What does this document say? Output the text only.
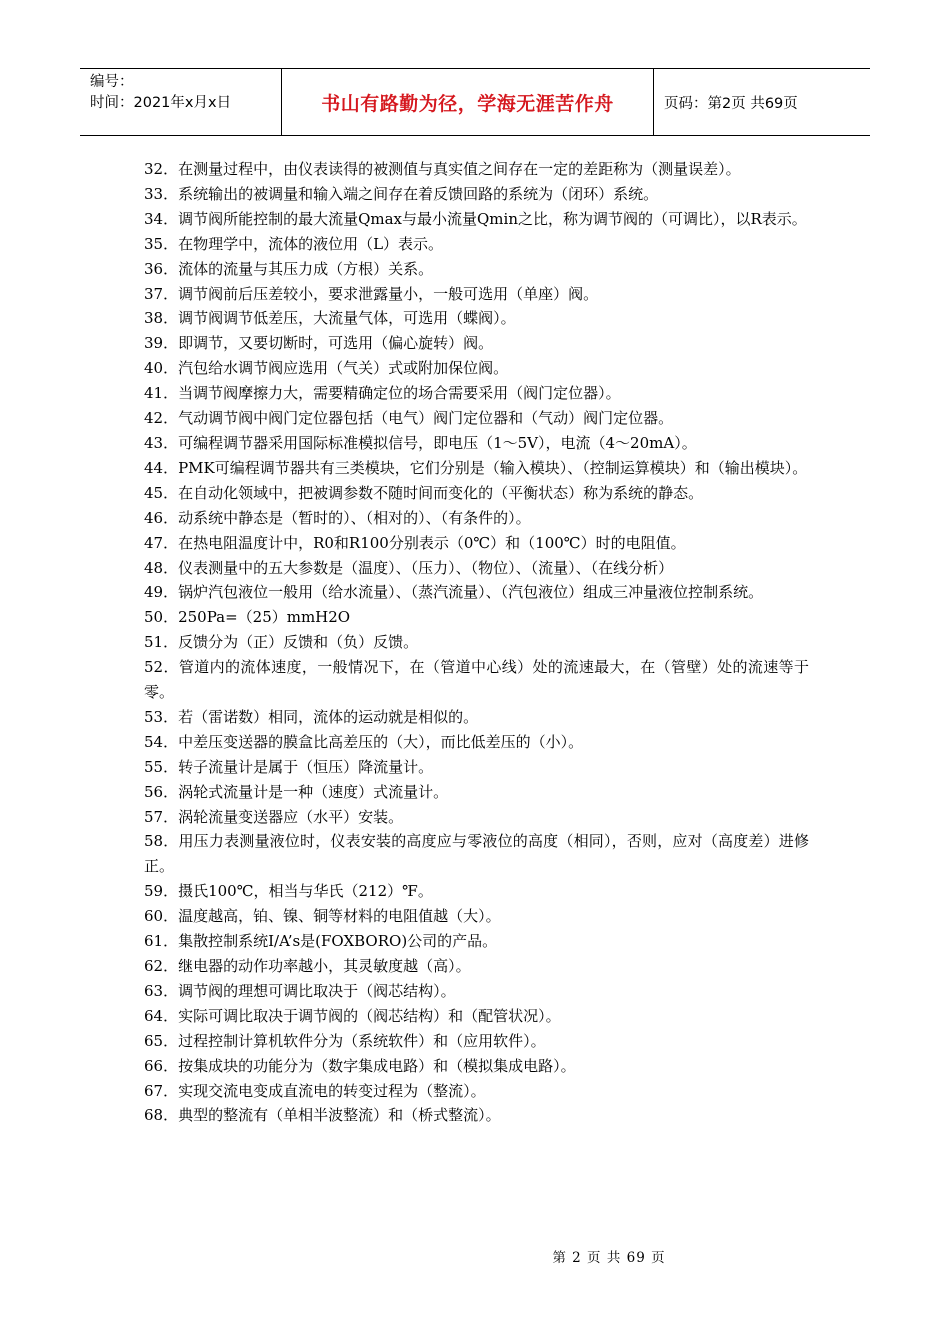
编号：
时间：2021年x月x日	书山有路勤为径，学海无涯苦作舟	页码：第2页 共69页

32．在测量过程中，由仪表读得的被测值与真实值之间存在一定的差距称为（测量误差）。

33．系统输出的被调量和输入端之间存在着反馈回路的系统为（闭环）系统。

34．调节阀所能控制的最大流量Qmax与最小流量Qmin之比，称为调节阀的（可调比），以R表示。

35．在物理学中，流体的液位用（L）表示。

36．流体的流量与其压力成（方根）关系。

37．调节阀前后压差较小，要求泄露量小，一般可选用（单座）阀。

38．调节阀调节低差压，大流量气体，可选用（蝶阀）。

39．即调节，又要切断时，可选用（偏心旋转）阀。

40．汽包给水调节阀应选用（气关）式或附加保位阀。

41．当调节阀摩擦力大，需要精确定位的场合需要采用（阀门定位器）。

42．气动调节阀中阀门定位器包括（电气）阀门定位器和（气动）阀门定位器。

43．可编程调节器采用国际标准模拟信号，即电压（1～5V），电流（4～20mA）。

44．PMK可编程调节器共有三类模块，它们分别是（输入模块）、（控制运算模块）和（输出模块）。

45．在自动化领域中，把被调参数不随时间而变化的（平衡状态）称为系统的静态。

46．动系统中静态是（暂时的）、（相对的）、（有条件的）。

47．在热电阻温度计中，R0和R100分别表示（0℃）和（100℃）时的电阻值。

48．仪表测量中的五大参数是（温度）、（压力）、（物位）、（流量）、（在线分析）

49．锅炉汽包液位一般用（给水流量）、（蒸汽流量）、（汽包液位）组成三冲量液位控制系统。

50．250Pa=（25）mmH2O

51．反馈分为（正）反馈和（负）反馈。

52．管道内的流体速度，一般情况下，在（管道中心线）处的流速最大，在（管壁）处的流速等于零。

53．若（雷诺数）相同，流体的运动就是相似的。

54．中差压变送器的膜盒比高差压的（大），而比低差压的（小）。

55．转子流量计是属于（恒压）降流量计。

56．涡轮式流量计是一种（速度）式流量计。

57．涡轮流量变送器应（水平）安装。

58．用压力表测量液位时，仪表安装的高度应与零液位的高度（相同），否则，应对（高度差）进修正。

59．摄氏100℃，相当与华氏（212）℉。

60．温度越高，铂、镍、铜等材料的电阻值越（大）。

61．集散控制系统I/A’s是(FOXBORO)公司的产品。

62．继电器的动作功率越小，其灵敏度越（高）。

63．调节阀的理想可调比取决于（阀芯结构）。

64．实际可调比取决于调节阀的（阀芯结构）和（配管状况）。

65．过程控制计算机软件分为（系统软件）和（应用软件）。

66．按集成块的功能分为（数字集成电路）和（模拟集成电路）。

67．实现交流电变成直流电的转变过程为（整流）。

68．典型的整流有（单相半波整流）和（桥式整流）。

第 2 页 共 69 页
